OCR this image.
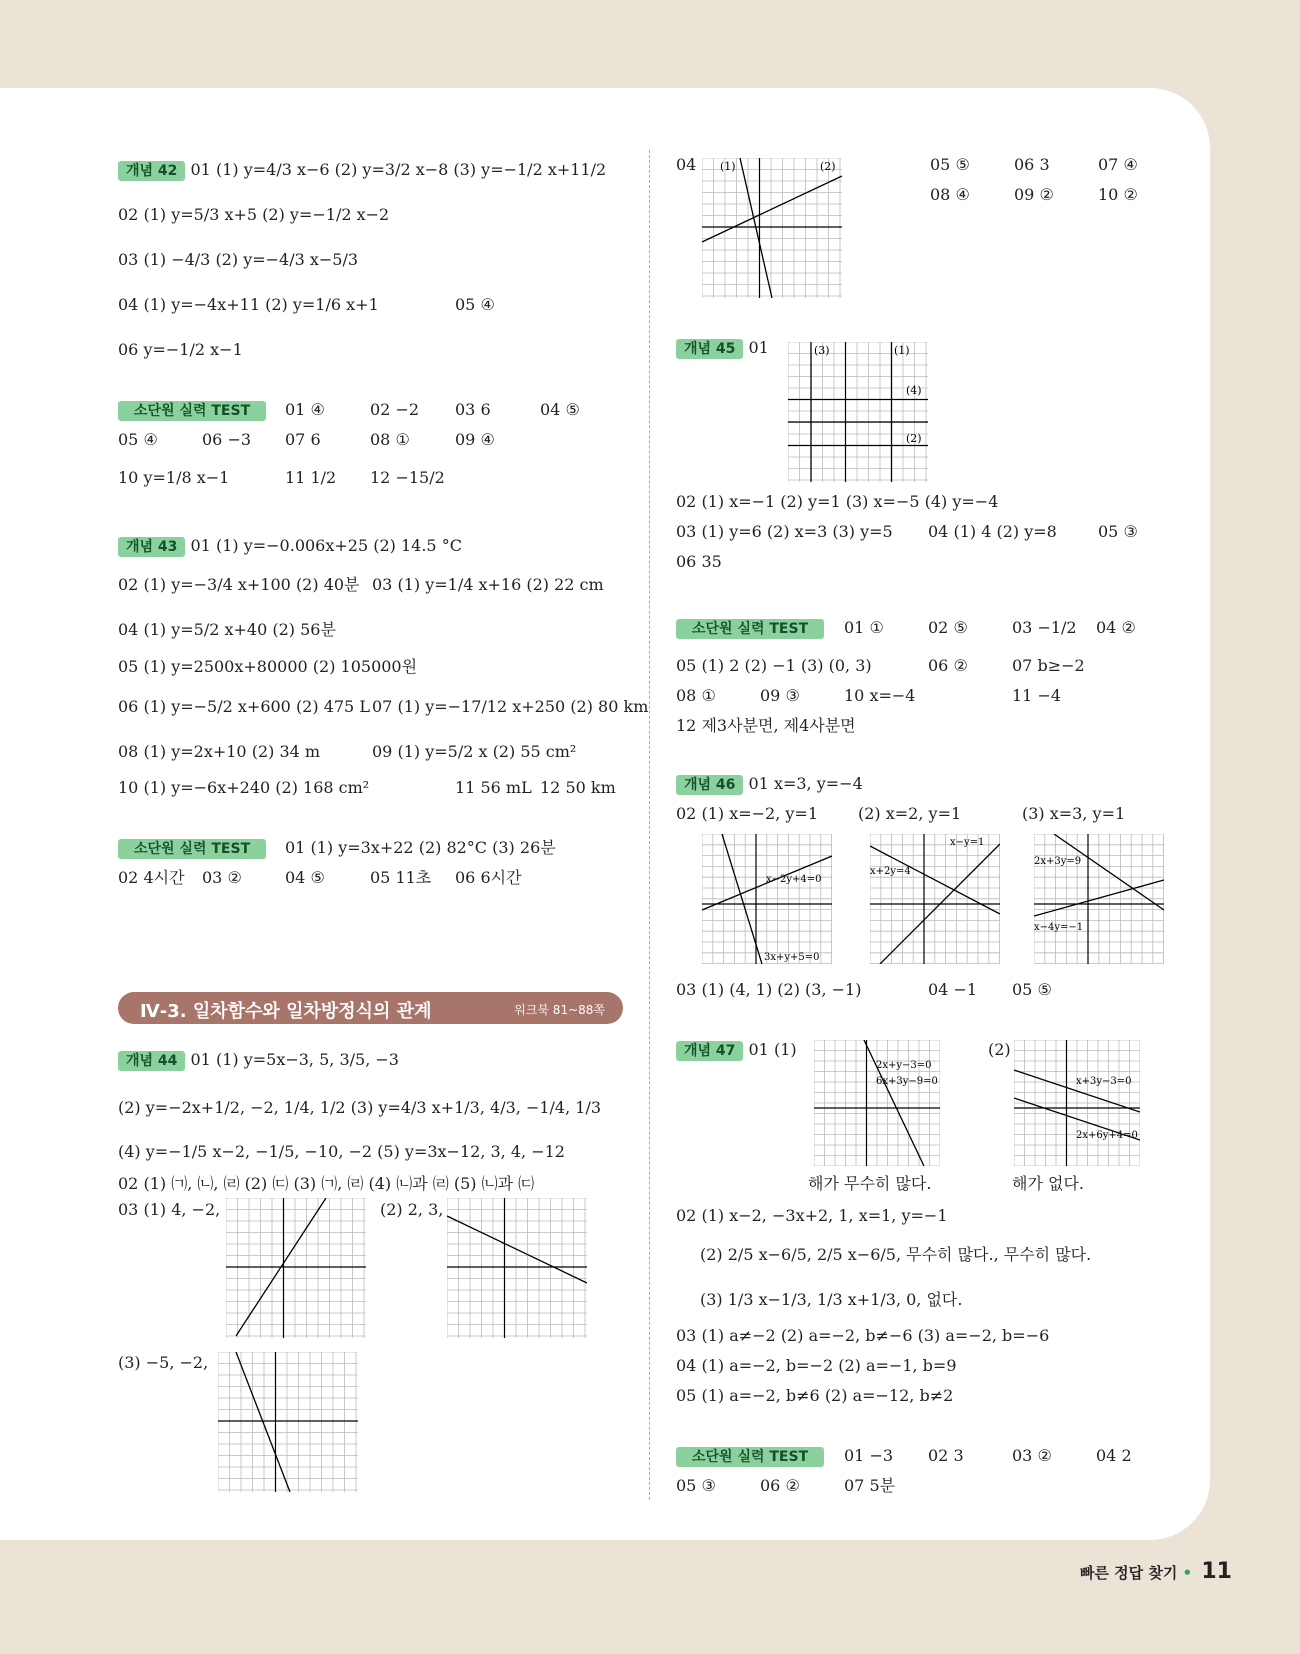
개념 42 01 (1) y=4/3 x−6 (2) y=3/2 x−8 (3) y=−1/2 x+11/2
02 (1) y=5/3 x+5 (2) y=−1/2 x−2
03 (1) −4/3 (2) y=−4/3 x−5/3
04 (1) y=−4x+11 (2) y=1/6 x+1	05 ④
06 y=−1/2 x−1
소단원 실력 TEST	01 ④	02 −2 03 6	04 ⑤
05 ④	06 −3 07 6	08 ①	09 ④
10 y=1/8 x−1	11 1/2 12 −15/2
개념 43 01 (1) y=−0.006x+25 (2) 14.5 °C
02 (1) y=−3/4 x+100 (2) 40분 03 (1) y=1/4 x+16 (2) 22 cm
04 (1) y=5/2 x+40 (2) 56분
05 (1) y=2500x+80000 (2) 105000원
06 (1) y=−5/2 x+600 (2) 475 L 07 (1) y=−17/12 x+250 (2) 80 km
08 (1) y=2x+10 (2) 34 m	09 (1) y=5/2 x (2) 55 cm²
10 (1) y=−6x+240 (2) 168 cm²	11 56 mL 12 50 km
소단원 실력 TEST	01 (1) y=3x+22 (2) 82°C (3) 26분
02 4시간 03 ②	04 ⑤	05 11초 06 6시간
Ⅳ-3. 일차함수와 일차방정식의 관계	워크북 81~88쪽
개념 44 01 (1) y=5x−3, 5, 3/5, −3
(2) y=−2x+1/2, −2, 1/4, 1/2 (3) y=4/3 x+1/3, 4/3, −1/4, 1/3
(4) y=−1/5 x−2, −1/5, −10, −2 (5) y=3x−12, 3, 4, −12
02 (1) ㈀, ㈁, ㈃ (2) ㈂ (3) ㈀, ㈃ (4) ㈁과 ㈃ (5) ㈁과 ㈂
03 (1) 4, −2,	(2) 2, 3,
(3) −5, −2,
04 (1)	(2)	05 ⑤	06 3	07 ④
08 ④	09 ②	10 ②
개념 45 01	(3)	(1)
(4)
(2)
02 (1) x=−1 (2) y=1 (3) x=−5 (4) y=−4
03 (1) y=6 (2) x=3 (3) y=5 04 (1) 4 (2) y=8	05 ③
06 35
소단원 실력 TEST	01 ①	02 ⑤	03 −1/2 04 ②
05 (1) 2 (2) −1 (3) (0, 3)	06 ②	07 b≥−2
08 ①	09 ③	10 x=−4	11 −4
12 제3사분면, 제4사분면
개념 46 01 x=3, y=−4
02 (1) x=−2, y=1 (2) x=2, y=1	(3) x=3, y=1
x−2y+4=0
3x+y+5=0
x−y=1
x+2y=4
2x+3y=9
x−4y=−1
03 (1) (4, 1) (2) (3, −1)	04 −1 05 ⑤
개념 47 01 (1)
2x+y−3=0
6x+3y−9=0
(2)
x+3y−3=0
2x+6y+4=0
해가 무수히 많다.	해가 없다.
02 (1) x−2, −3x+2, 1, x=1, y=−1
(2) 2/5 x−6/5, 2/5 x−6/5, 무수히 많다., 무수히 많다.
(3) 1/3 x−1/3, 1/3 x+1/3, 0, 없다.
03 (1) a≠−2 (2) a=−2, b≠−6 (3) a=−2, b=−6
04 (1) a=−2, b=−2 (2) a=−1, b=9
05 (1) a=−2, b≠6 (2) a=−12, b≠2
소단원 실력 TEST	01 −3 02 3	03 ②	04 2
05 ③	06 ②	07 5분
빠른 정답 찾기 • 11
